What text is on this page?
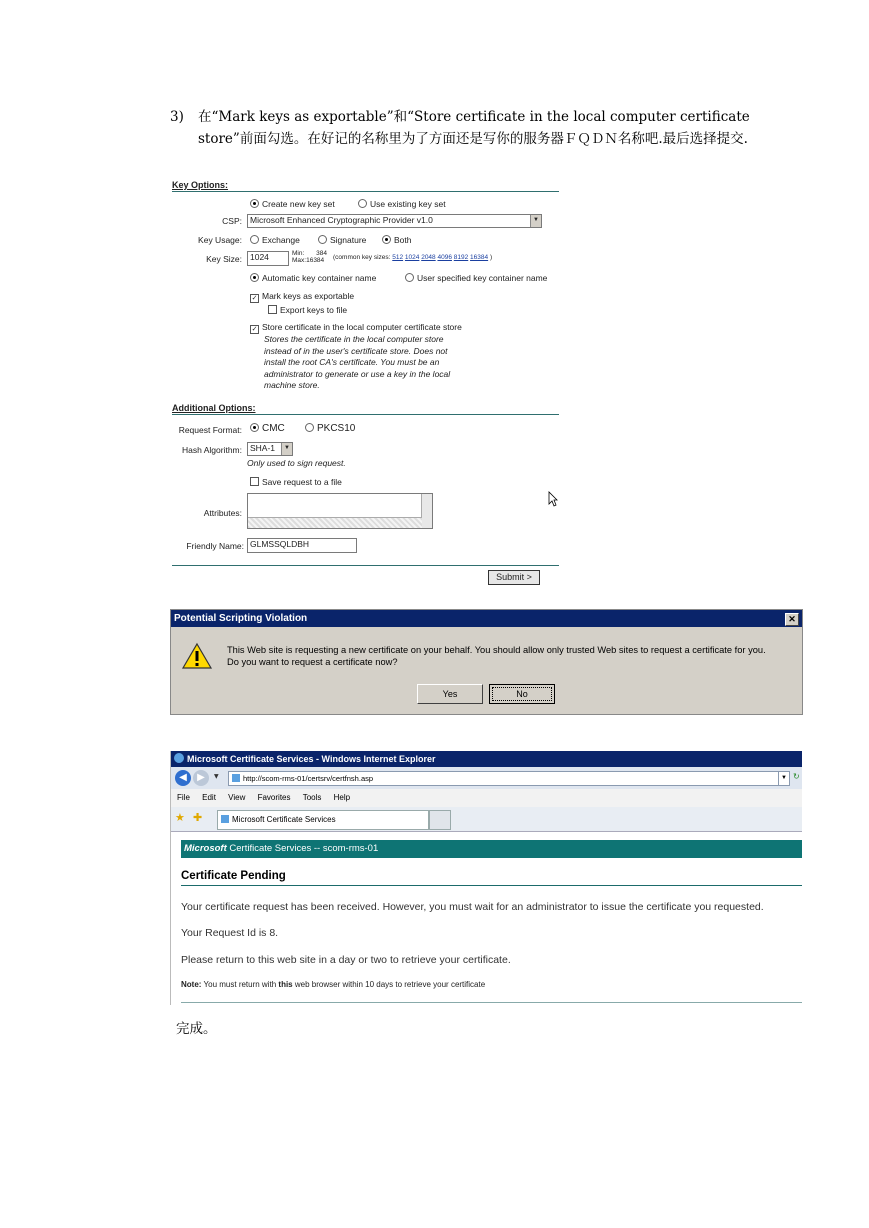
3) 在“Mark keys as exportable”和“Store certificate in the local computer certificate store”前面勾选。在好记的名称里为了方面还是写你的服务器ＦＱＤＮ名称吧.最后选择提交.
Key Options:
Create new key set	Use existing key set
CSP: Microsoft Enhanced Cryptographic Provider v1.0	▼
Key Usage:	Exchange	Signature	Both
Key Size: 1024	Min: 384
Max:16384	(common key sizes: 512 1024 2048 4096 8192 16384 )
Automatic key container name	User specified key container name
✓ Mark keys as exportable
Export keys to file
✓ Store certificate in the local computer certificate store
Stores the certificate in the local computer store
instead of in the user's certificate store. Does not
install the root CA's certificate. You must be an
administrator to generate or use a key in the local
machine store.
Additional Options:
Request Format:	CMC	PKCS10
Hash Algorithm: SHA-1	▼
Only used to sign request.
Save request to a file
Attributes:
Friendly Name: GLMSSQLDBH
Submit >
Potential Scripting Violation	✕
This Web site is requesting a new certificate on your behalf. You should allow only trusted Web sites to request a certificate for you.
Do you want to request a certificate now?
Yes	No
Microsoft Certificate Services - Windows Internet Explorer
◀	▶	▼	http://scom-rms-01/certsrv/certfnsh.asp	▼ ↻
File Edit View Favorites Tools Help
★ ✚	Microsoft Certificate Services
Microsoft Certificate Services -- scom-rms-01
Certificate Pending
Your certificate request has been received. However, you must wait for an administrator to issue the certificate you requested.
Your Request Id is 8.
Please return to this web site in a day or two to retrieve your certificate.
Note: You must return with this web browser within 10 days to retrieve your certificate
完成。
